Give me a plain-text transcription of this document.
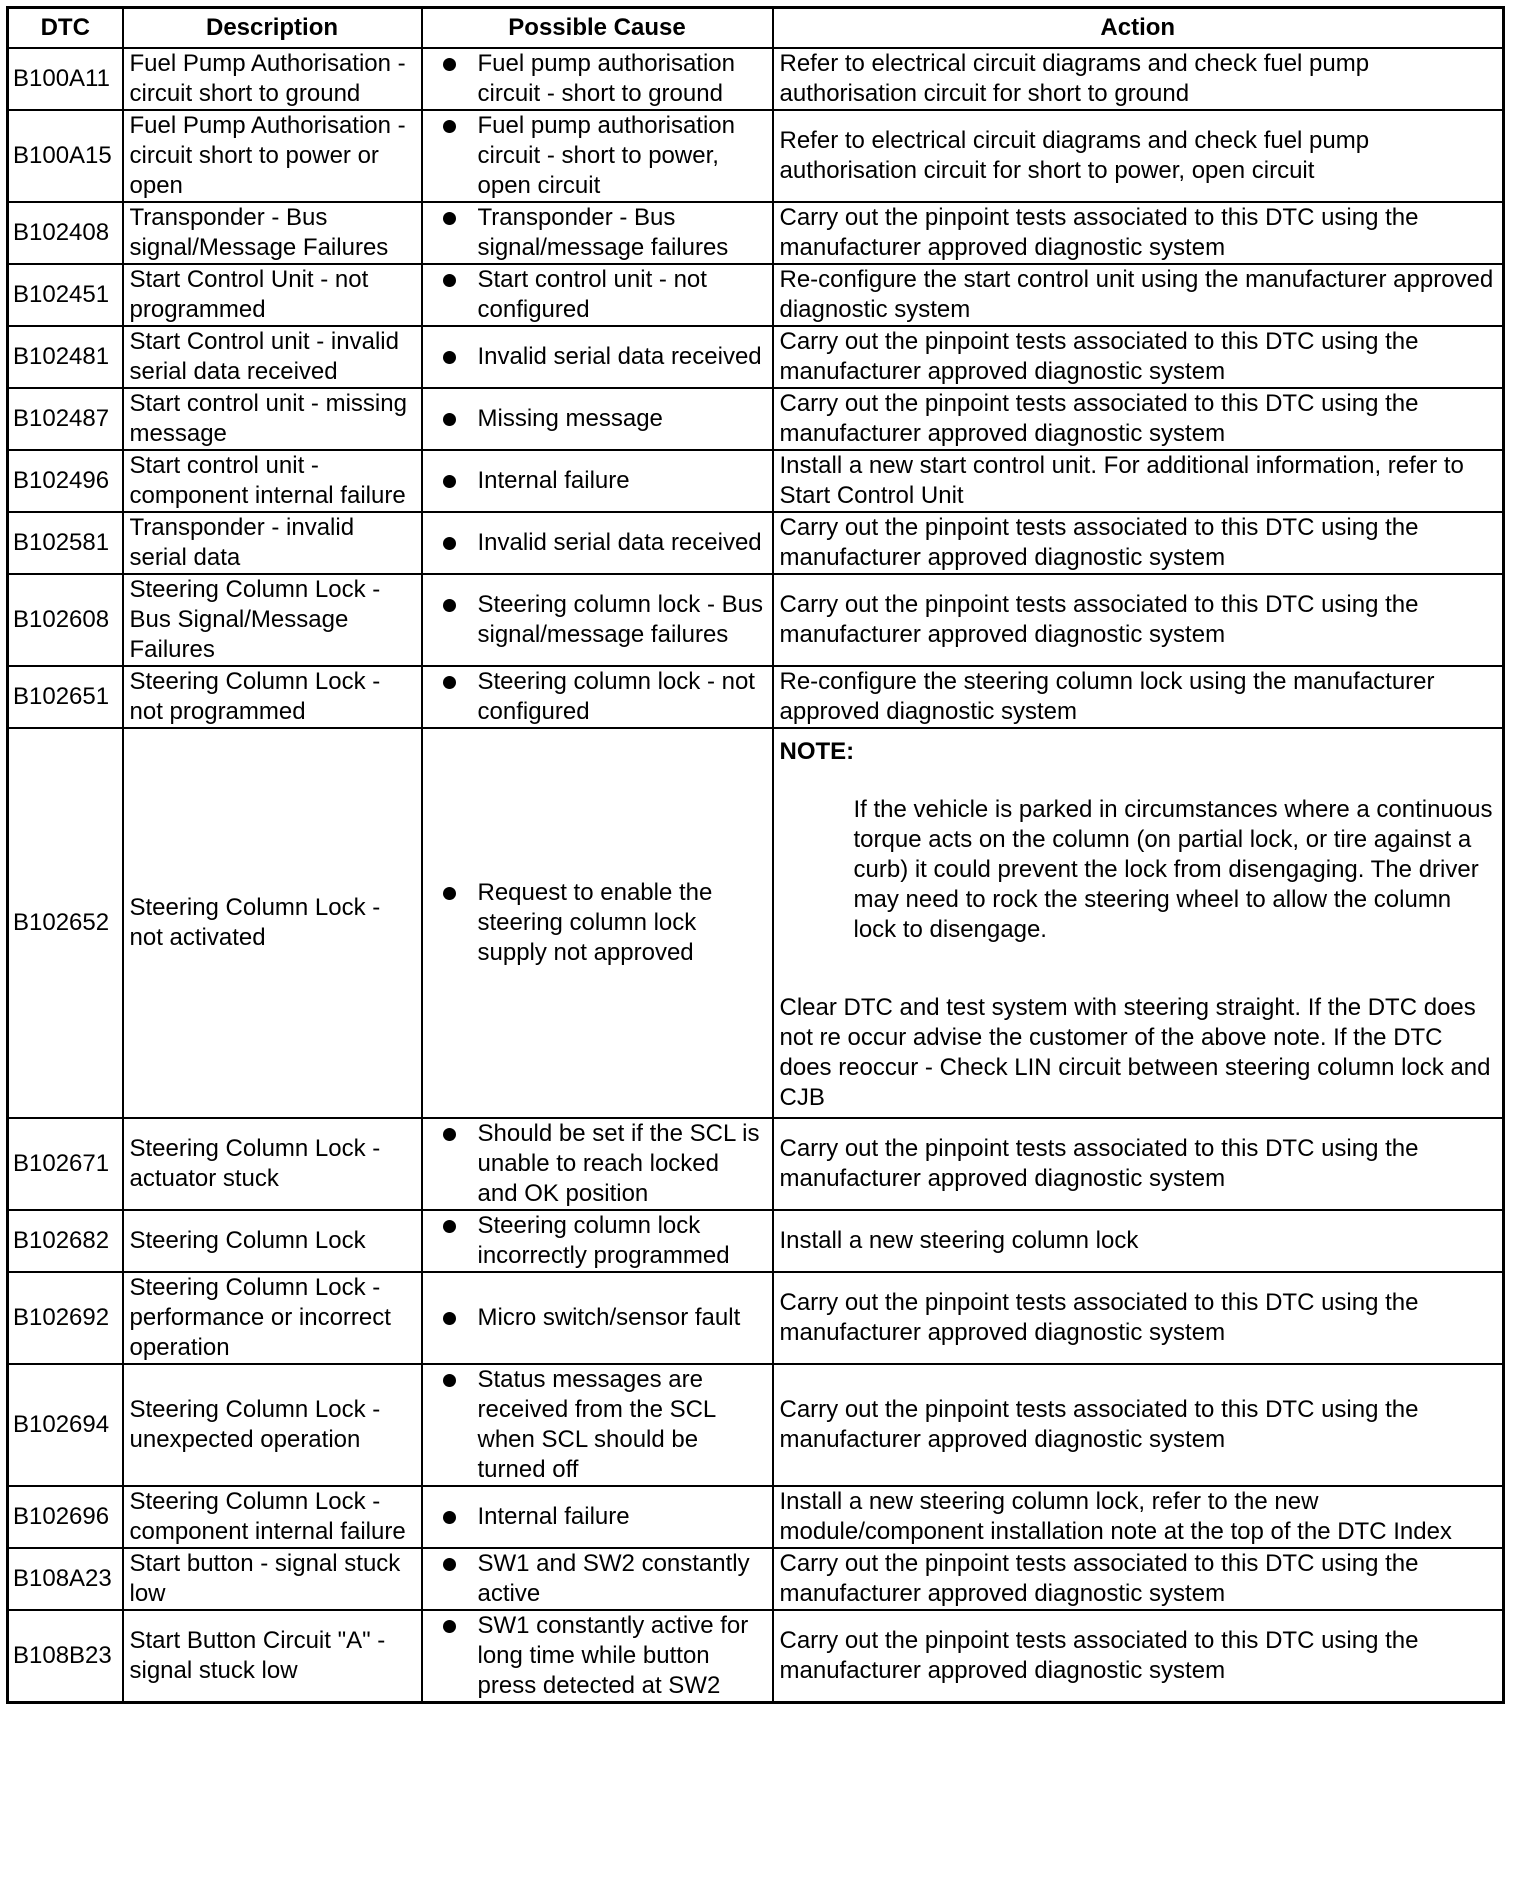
DTC	Description	Possible Cause	Action
B100A11	Fuel Pump Authorisation - circuit short to ground	Fuel pump authorisation circuit - short to ground	Refer to electrical circuit diagrams and check fuel pump authorisation circuit for short to ground
B100A15	Fuel Pump Authorisation - circuit short to power or open	Fuel pump authorisation circuit - short to power, open circuit	Refer to electrical circuit diagrams and check fuel pump authorisation circuit for short to power, open circuit
B102408	Transponder - Bus signal/Message Failures	Transponder - Bus signal/message failures	Carry out the pinpoint tests associated to this DTC using the manufacturer approved diagnostic system
B102451	Start Control Unit - not programmed	Start control unit - not configured	Re-configure the start control unit using the manufacturer approved diagnostic system
B102481	Start Control unit - invalid serial data received	Invalid serial data received	Carry out the pinpoint tests associated to this DTC using the manufacturer approved diagnostic system
B102487	Start control unit - missing message	Missing message	Carry out the pinpoint tests associated to this DTC using the manufacturer approved diagnostic system
B102496	Start control unit - component internal failure	Internal failure	Install a new start control unit. For additional information, refer to Start Control Unit
B102581	Transponder - invalid serial data	Invalid serial data received	Carry out the pinpoint tests associated to this DTC using the manufacturer approved diagnostic system
B102608	Steering Column Lock - Bus Signal/Message Failures	Steering column lock - Bus signal/message failures	Carry out the pinpoint tests associated to this DTC using the manufacturer approved diagnostic system
B102651	Steering Column Lock - not programmed	Steering column lock - not configured	Re-configure the steering column lock using the manufacturer approved diagnostic system
B102652	Steering Column Lock - not activated	Request to enable the steering column lock supply not approved	NOTE:
If the vehicle is parked in circumstances where a continuous torque acts on the column (on partial lock, or tire against a curb) it could prevent the lock from disengaging. The driver may need to rock the steering wheel to allow the column lock to disengage.
Clear DTC and test system with steering straight. If the DTC does not re occur advise the customer of the above note. If the DTC does reoccur - Check LIN circuit between steering column lock and CJB

B102671	Steering Column Lock - actuator stuck	Should be set if the SCL is unable to reach locked and OK position	Carry out the pinpoint tests associated to this DTC using the manufacturer approved diagnostic system
B102682	Steering Column Lock	Steering column lock incorrectly programmed	Install a new steering column lock
B102692	Steering Column Lock - performance or incorrect operation	Micro switch/sensor fault	Carry out the pinpoint tests associated to this DTC using the manufacturer approved diagnostic system
B102694	Steering Column Lock - unexpected operation	Status messages are received from the SCL when SCL should be turned off	Carry out the pinpoint tests associated to this DTC using the manufacturer approved diagnostic system
B102696	Steering Column Lock - component internal failure	Internal failure	Install a new steering column lock, refer to the new module/component installation note at the top of the DTC Index
B108A23	Start button - signal stuck low	SW1 and SW2 constantly active	Carry out the pinpoint tests associated to this DTC using the manufacturer approved diagnostic system
B108B23	Start Button Circuit "A" - signal stuck low	SW1 constantly active for long time while button press detected at SW2	Carry out the pinpoint tests associated to this DTC using the manufacturer approved diagnostic system
